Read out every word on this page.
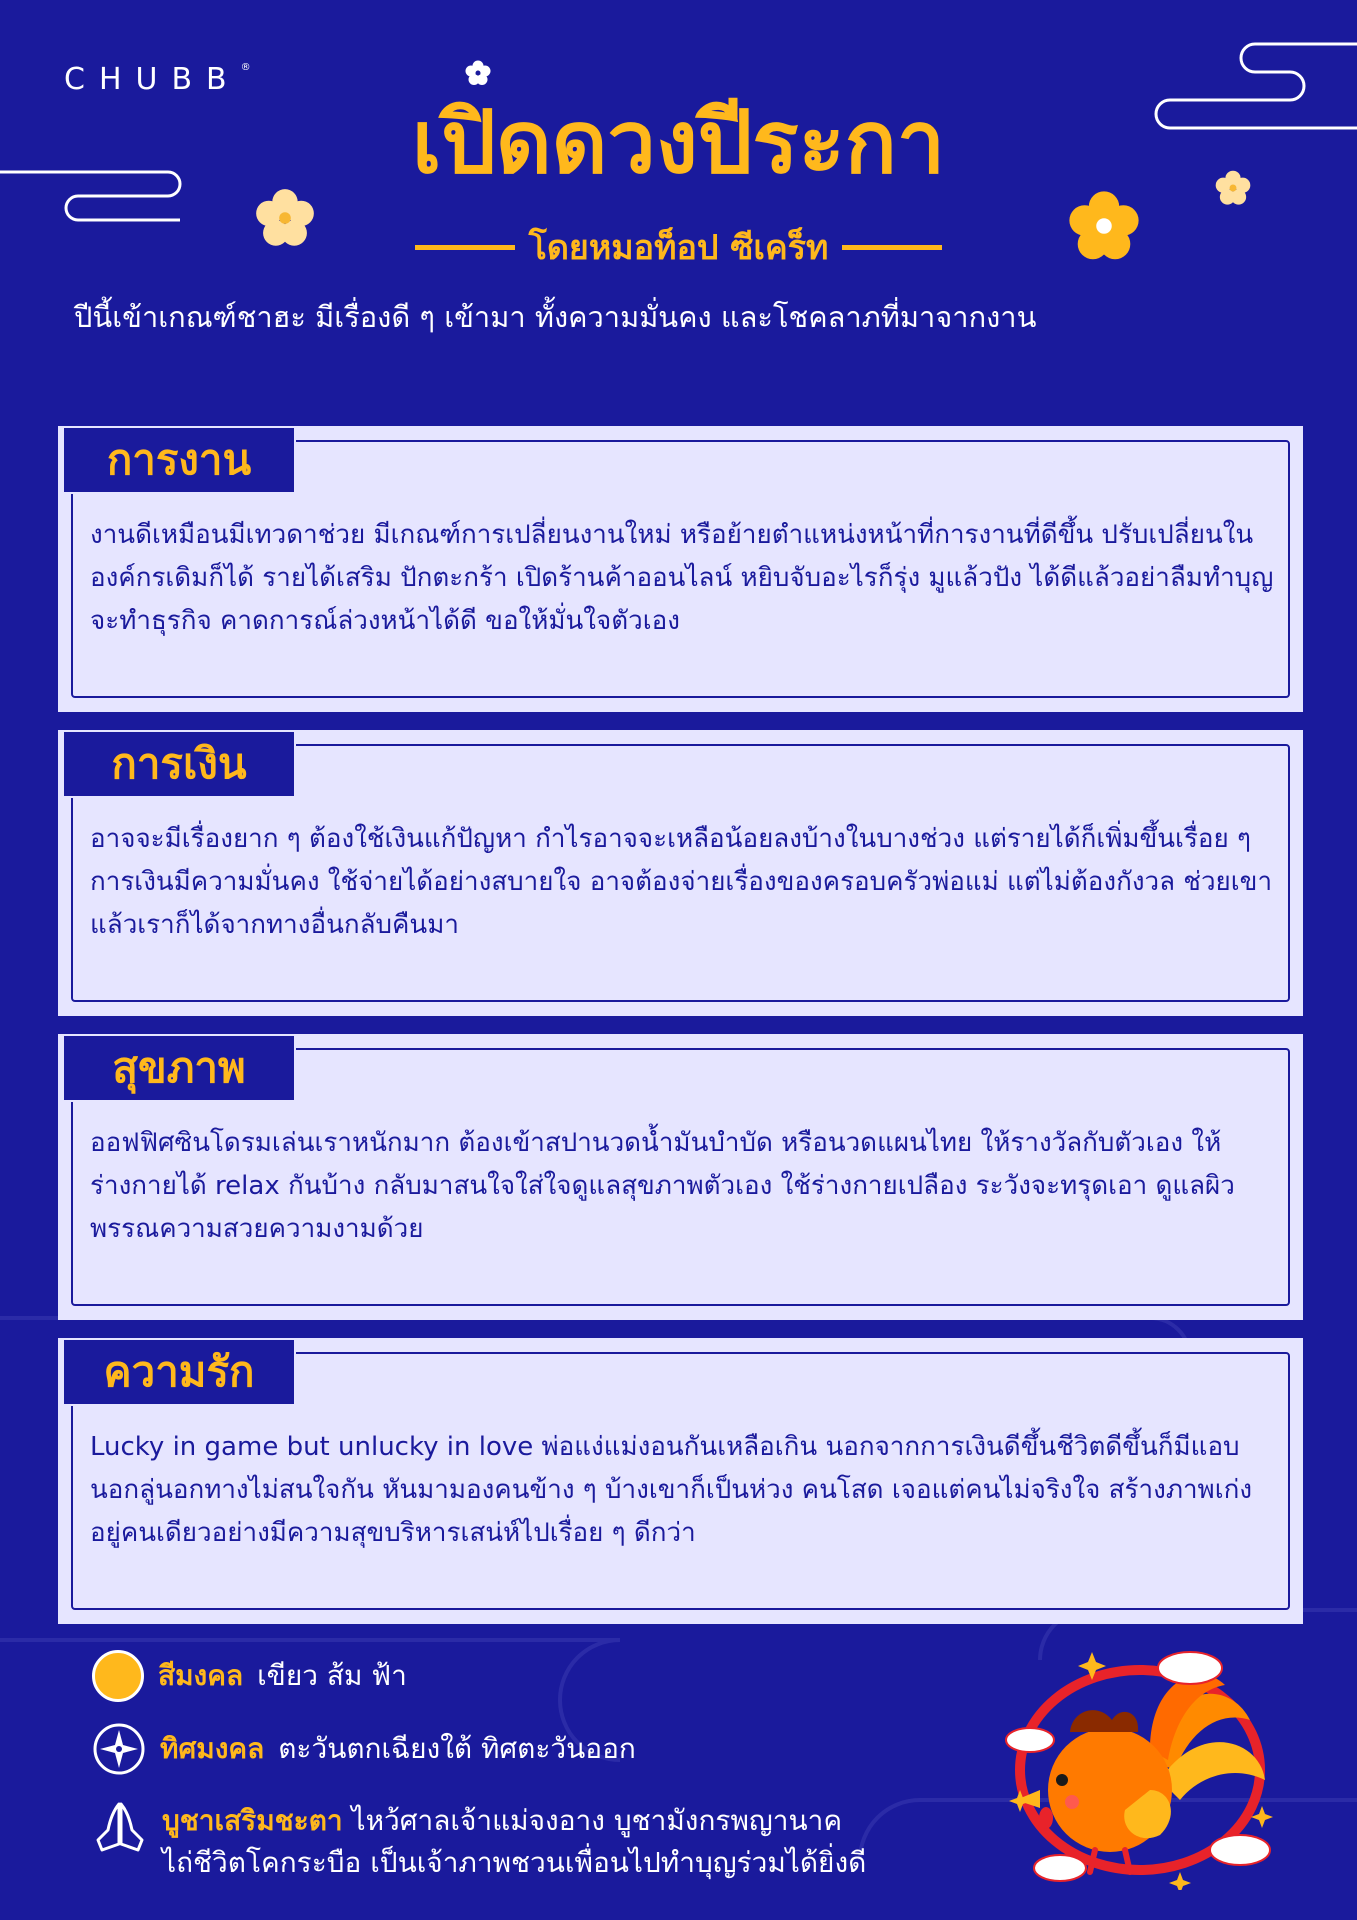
CHUBB®
เปิดดวงปีระกา
โดยหมอท็อป ซีเคร็ท
ปีนี้เข้าเกณฑ์ชาฮะ มีเรื่องดี ๆ เข้ามา ทั้งความมั่นคง และโชคลาภที่มาจากงาน
การงาน
งานดีเหมือนมีเทวดาช่วย มีเกณฑ์การเปลี่ยนงานใหม่ หรือย้ายตำแหน่งหน้าที่การงานที่ดีขึ้น ปรับเปลี่ยนในองค์กรเดิมก็ได้ รายได้เสริม ปักตะกร้า เปิดร้านค้าออนไลน์ หยิบจับอะไรก็รุ่ง มูแล้วปัง ได้ดีแล้วอย่าลืมทำบุญ จะทำธุรกิจ คาดการณ์ล่วงหน้าได้ดี ขอให้มั่นใจตัวเอง
การเงิน
อาจจะมีเรื่องยาก ๆ ต้องใช้เงินแก้ปัญหา กำไรอาจจะเหลือน้อยลงบ้างในบางช่วง แต่รายได้ก็เพิ่มขึ้นเรื่อย ๆ การเงินมีความมั่นคง ใช้จ่ายได้อย่างสบายใจ อาจต้องจ่ายเรื่องของครอบครัวพ่อแม่ แต่ไม่ต้องกังวล ช่วยเขาแล้วเราก็ได้จากทางอื่นกลับคืนมา
สุขภาพ
ออฟฟิศซินโดรมเล่นเราหนักมาก ต้องเข้าสปานวดน้ำมันบำบัด หรือนวดแผนไทย ให้รางวัลกับตัวเอง ให้ร่างกายได้ relax กันบ้าง กลับมาสนใจใส่ใจดูแลสุขภาพตัวเอง ใช้ร่างกายเปลือง ระวังจะทรุดเอา ดูแลผิวพรรณความสวยความงามด้วย
ความรัก
Lucky in game but unlucky in love พ่อแง่แม่งอนกันเหลือเกิน นอกจากการเงินดีขึ้นชีวิตดีขึ้นก็มีแอบนอกลู่นอกทางไม่สนใจกัน หันมามองคนข้าง ๆ บ้างเขาก็เป็นห่วง คนโสด เจอแต่คนไม่จริงใจ สร้างภาพเก่ง อยู่คนเดียวอย่างมีความสุขบริหารเสน่ห์ไปเรื่อย ๆ ดีกว่า
สีมงคล เขียว ส้ม ฟ้า
ทิศมงคล ตะวันตกเฉียงใต้ ทิศตะวันออก
บูชาเสริมชะตา ไหว้ศาลเจ้าแม่จงอาง บูชามังกรพญานาค
ไถ่ชีวิตโคกระบือ เป็นเจ้าภาพชวนเพื่อนไปทำบุญร่วมได้ยิ่งดี
